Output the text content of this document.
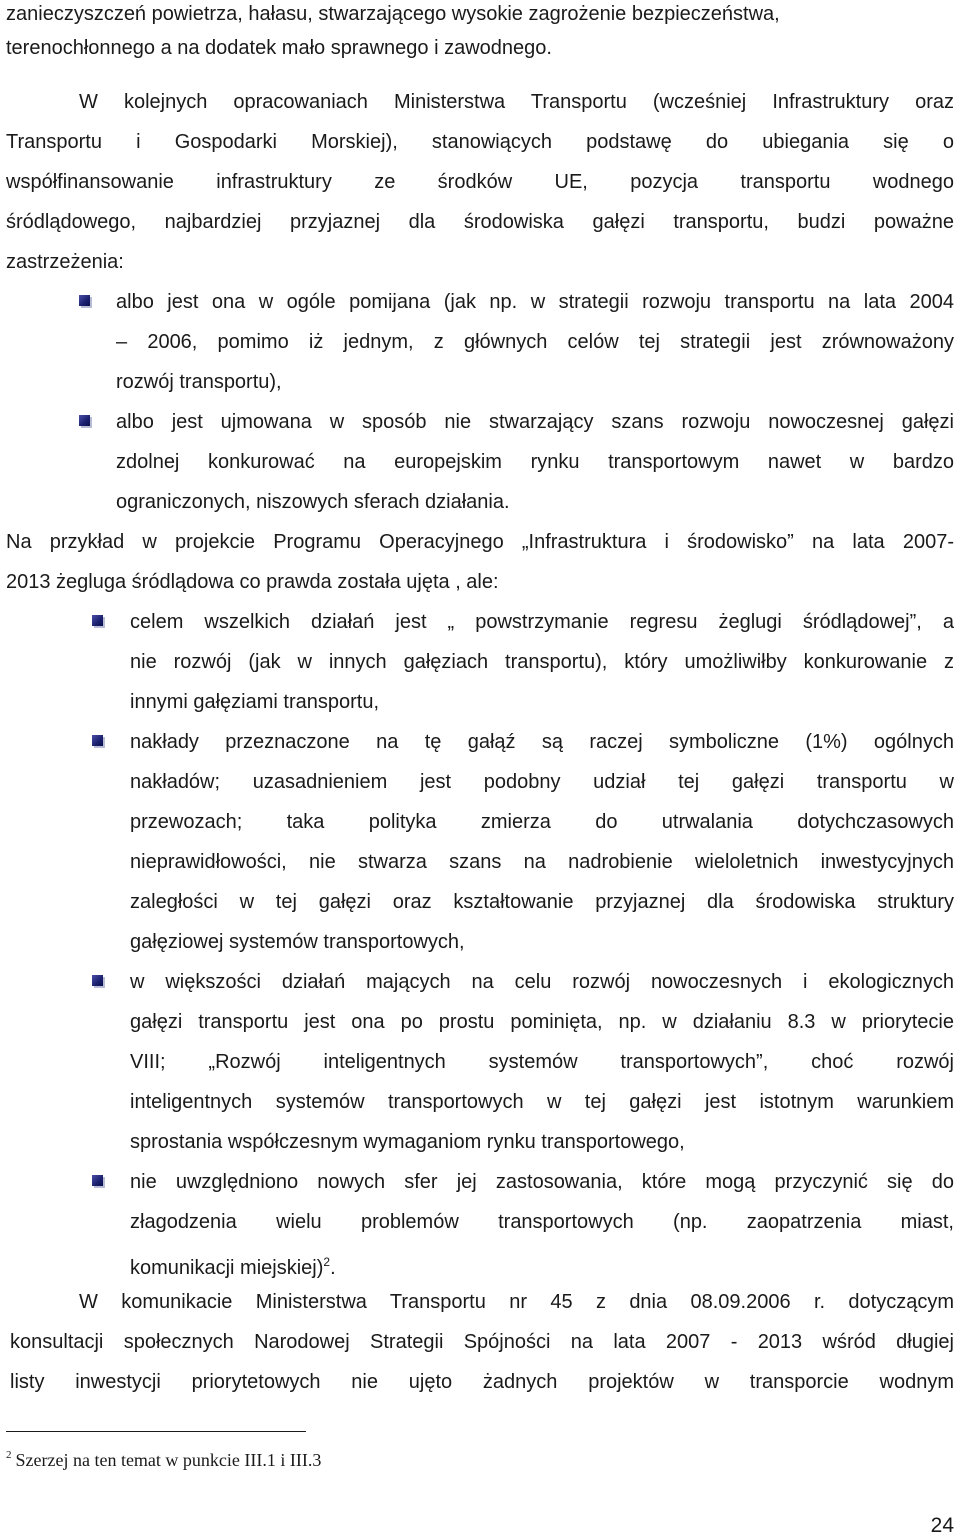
zanieczyszczeń powietrza, hałasu, stwarzającego wysokie zagrożenie bezpieczeństwa,

terenochłonnego a na dodatek mało sprawnego i zawodnego.

W kolejnych opracowaniach Ministerstwa Transportu (wcześniej Infrastruktury oraz

Transportu i Gospodarki Morskiej), stanowiących podstawę do ubiegania się o

współfinansowanie infrastruktury ze środków UE, pozycja transportu wodnego

śródlądowego, najbardziej przyjaznej dla środowiska gałęzi transportu, budzi poważne

zastrzeżenia:

albo jest ona w ogóle pomijana (jak np. w strategii rozwoju transportu na lata 2004

– 2006, pomimo iż jednym, z głównych celów tej strategii jest zrównoważony

rozwój transportu),

albo jest ujmowana w sposób nie stwarzający szans rozwoju nowoczesnej gałęzi

zdolnej konkurować na europejskim rynku transportowym nawet w bardzo

ograniczonych, niszowych sferach działania.

Na przykład w projekcie Programu Operacyjnego „Infrastruktura i środowisko” na lata 2007-

2013 żegluga śródlądowa co prawda została ujęta , ale:

celem wszelkich działań jest „ powstrzymanie regresu żeglugi śródlądowej”, a

nie rozwój (jak w innych gałęziach transportu), który umożliwiłby konkurowanie z

innymi gałęziami transportu,

nakłady przeznaczone na tę gałąź są raczej symboliczne (1%) ogólnych

nakładów; uzasadnieniem jest podobny udział tej gałęzi transportu w

przewozach; taka polityka zmierza do utrwalania dotychczasowych

nieprawidłowości, nie stwarza szans na nadrobienie wieloletnich inwestycyjnych

zaległości w tej gałęzi oraz kształtowanie przyjaznej dla środowiska struktury

gałęziowej systemów transportowych,

w większości działań mających na celu rozwój nowoczesnych i ekologicznych

gałęzi transportu jest ona po prostu pominięta, np. w działaniu 8.3 w priorytecie

VIII; „Rozwój inteligentnych systemów transportowych”, choć rozwój

inteligentnych systemów transportowych w tej gałęzi jest istotnym warunkiem

sprostania współczesnym wymaganiom rynku transportowego,

nie uwzględniono nowych sfer jej zastosowania, które mogą przyczynić się do

złagodzenia wielu problemów transportowych (np. zaopatrzenia miast,

komunikacji miejskiej)$^2$.

W komunikacie Ministerstwa Transportu nr 45 z dnia 08.09.2006 r. dotyczącym

konsultacji społecznych Narodowej Strategii Spójności na lata 2007 - 2013 wśród długiej

listy inwestycji priorytetowych nie ujęto żadnych projektów w transporcie wodnym

$^2$ Szerzej na ten temat w punkcie III.1 i III.3

24
